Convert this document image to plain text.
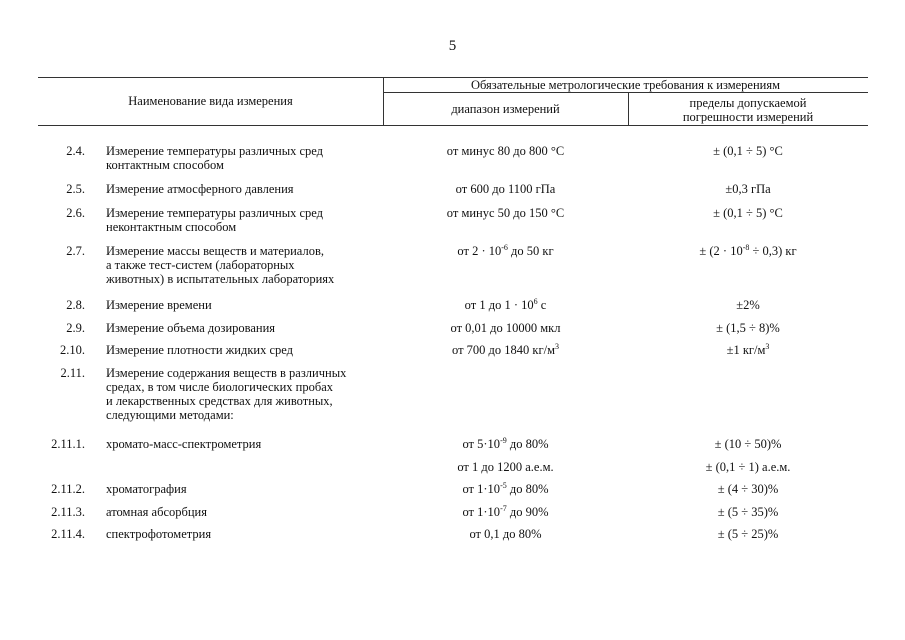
5
Наименование вида измерения
Обязательные метрологические требования к измерениям
диапазон измерений	пределы допускаемой
погрешности измерений
2.4. Измерение температуры различных сред
контактным способом
от минус 80 до 800 °С	± (0,1 ÷ 5) °С
2.5. Измерение атмосферного давления	от 600 до 1100 гПа	±0,3 гПа
2.6. Измерение температуры различных сред
неконтактным способом
от минус 50 до 150 °С	± (0,1 ÷ 5) °С
2.7. Измерение массы веществ и материалов,
а также тест-систем (лабораторных
животных) в испытательных лабораториях
от $2 \cdot 10^{-6}$ до 50 кг	± $(2 \cdot 10^{-8} \div 0,3)$ кг
2.8. Измерение времени	от 1 до $1 \cdot 10^6$ с	±2%
2.9. Измерение объема дозирования	от 0,01 до 10000 мкл	± (1,5 ÷ 8)%
2.10. Измерение плотности жидких сред	от 700 до 1840 $кг/м^3$	±1 $кг/м^3$
2.11. Измерение содержания веществ в различных
средах, в том числе биологических пробах
и лекарственных средствах для животных,
следующими методами:
2.11.1. хромато-масс-спектрометрия	от $5\cdot 10^{-9}$ до 80%	± (10 ÷ 50)%
от 1 до 1200 а.е.м.	± (0,1 ÷ 1) а.е.м.
2.11.2. хроматография	от $1\cdot 10^{-5}$ до 80%	± (4 ÷ 30)%
2.11.3. атомная абсорбция	от $1\cdot 10^{-7}$ до 90%	± (5 ÷ 35)%
2.11.4. спектрофотометрия	от 0,1 до 80%	± (5 ÷ 25)%
